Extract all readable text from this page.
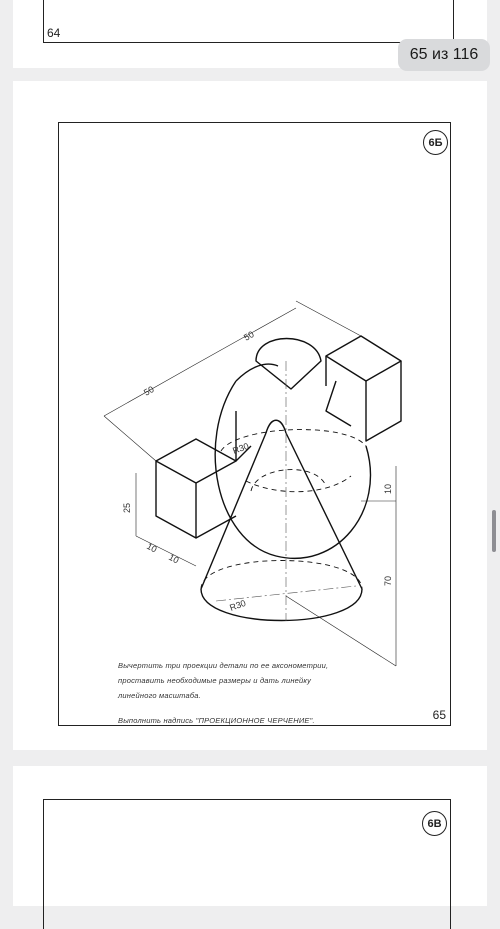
64
6Б
65
Вычертить три проекции детали по ее аксонометрии, проставить необходимые размеры и дать линейку линейного масштаба.
Выполнить надпись "ПРОЕКЦИОННОЕ ЧЕРЧЕНИЕ".
50
50
R30
R30
25
10
10
10
70
6В
65 из 116
